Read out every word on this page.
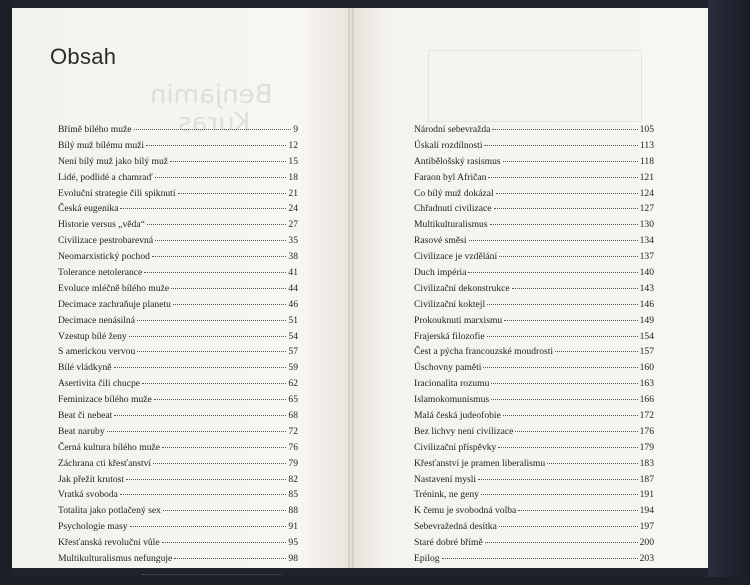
Benjamin
Kuras
Obsah
Břímě bílého muže	9
Bílý muž bílému muži	12
Není bílý muž jako bílý muž	15
Lidé, podlidé a chamraď	18
Evoluční strategie čili spiknutí	21
Česká eugenika	24
Historie versus „věda“	27
Civilizace pestrobarevná	35
Neomarxistický pochod	38
Tolerance netolerance	41
Evoluce mléčně bílého muže	44
Decimace zachraňuje planetu	46
Decimace nenásilná	51
Vzestup bílé ženy	54
S americkou vervou	57
Bílé vládkyně	59
Asertivita čili chucpe	62
Feminizace bílého muže	65
Beat či nebeat	68
Beat naruby	72
Černá kultura bílého muže	76
Záchrana cti křesťanství	79
Jak přežít krutost	82
Vratká svoboda	85
Totalita jako potlačený sex	88
Psychologie masy	91
Křesťanská revoluční vůle	95
Multikulturalismus nefunguje	98
Vymírání a hloupnutí	101
Národní sebevražda	105
Úskalí rozdílnosti	113
Antibělošský rasismus	118
Faraon byl Afričan	121
Co bílý muž dokázal	124
Chřadnutí civilizace	127
Multikulturalismus	130
Rasové směsi	134
Civilizace je vzdělání	137
Duch impéria	140
Civilizační dekonstrukce	143
Civilizační koktejl	146
Prokouknutí marxismu	149
Frajerská filozofie	154
Čest a pýcha francouzské moudrosti	157
Úschovny paměti	160
Iracionalita rozumu	163
Islamokomunismus	166
Malá česká judeofobie	172
Bez lichvy není civilizace	176
Civilizační příspěvky	179
Křesťanství je pramen liberalismu	183
Nastavení mysli	187
Trénink, ne geny	191
K čemu je svobodná volba	194
Sebevražedná desítka	197
Staré dobré břímě	200
Epilog	203
